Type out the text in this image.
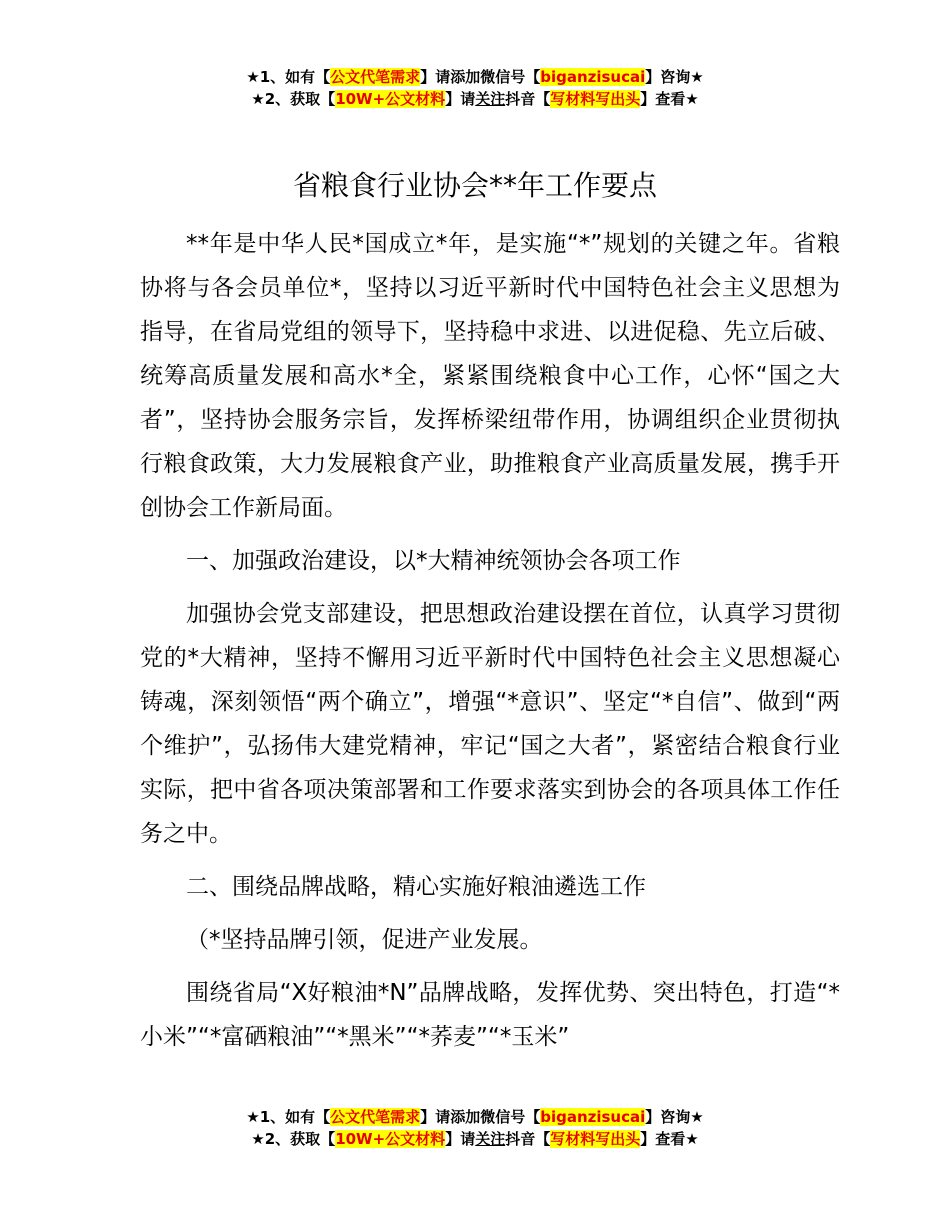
★1、如有【公文代笔需求】请添加微信号【biganzisucai】咨询★
★2、获取【10W+公文材料】请关注抖音【写材料写出头】查看★
省粮食行业协会**年工作要点

**年是中华人民*国成立*年，是实施“*”规划的关键之年。省粮协将与各会员单位*，坚持以习近平新时代中国特色社会主义思想为指导，在省局党组的领导下，坚持稳中求进、以进促稳、先立后破、统筹高质量发展和高水*全，紧紧围绕粮食中心工作，心怀“国之大者”，坚持协会服务宗旨，发挥桥梁纽带作用，协调组织企业贯彻执行粮食政策，大力发展粮食产业，助推粮食产业高质量发展，携手开创协会工作新局面。

一、加强政治建设，以*大精神统领协会各项工作

加强协会党支部建设，把思想政治建设摆在首位，认真学习贯彻党的*大精神，坚持不懈用习近平新时代中国特色社会主义思想凝心铸魂，深刻领悟“两个确立”，增强“*意识”、坚定“*自信”、做到“两个维护”，弘扬伟大建党精神，牢记“国之大者”，紧密结合粮食行业实际，把中省各项决策部署和工作要求落实到协会的各项具体工作任务之中。

二、围绕品牌战略，精心实施好粮油遴选工作

（*坚持品牌引领，促进产业发展。

围绕省局“X好粮油*N”品牌战略，发挥优势、突出特色，打造“*小米”“*富硒粮油”“*黑米”“*荞麦”“*玉米”

★1、如有【公文代笔需求】请添加微信号【biganzisucai】咨询★
★2、获取【10W+公文材料】请关注抖音【写材料写出头】查看★
